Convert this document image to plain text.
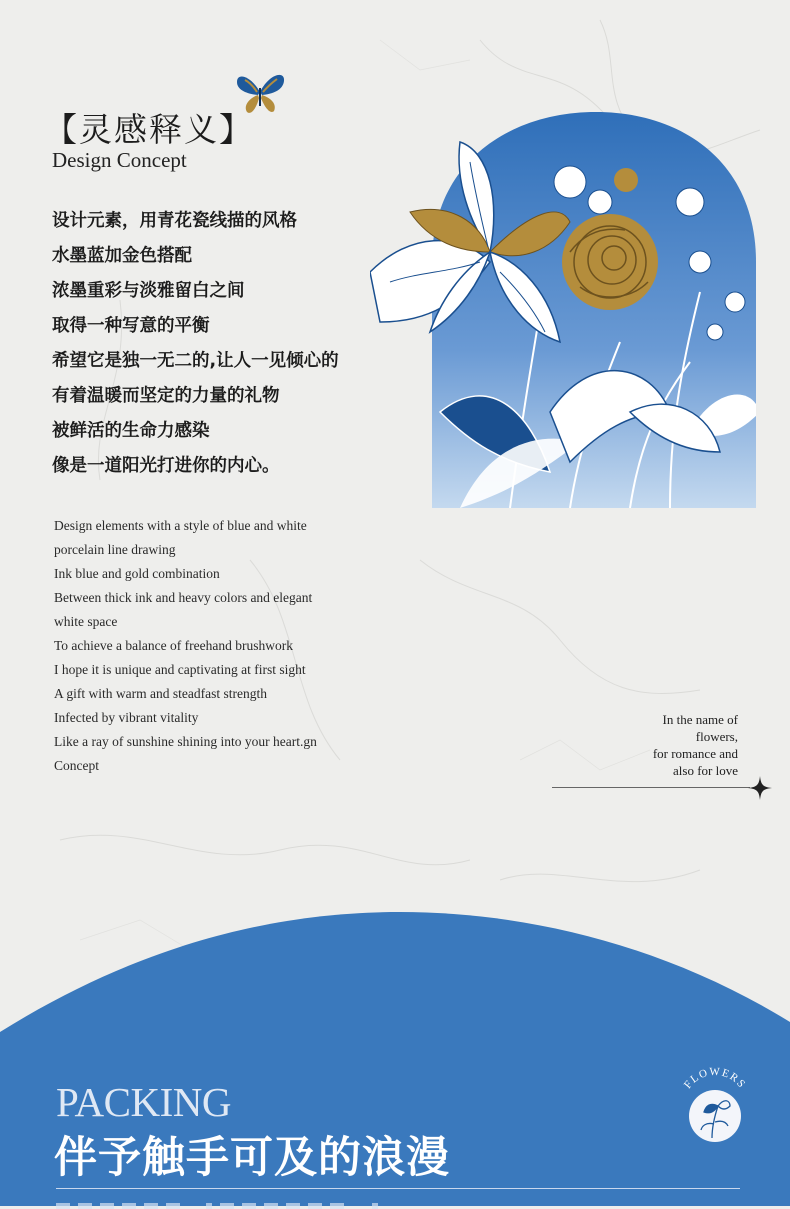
【灵感释义】
Design Concept
设计元素，用青花瓷线描的风格
水墨蓝加金色搭配
浓墨重彩与淡雅留白之间
取得一种写意的平衡
希望它是独一无二的,让人一见倾心的
有着温暖而坚定的力量的礼物
被鲜活的生命力感染
像是一道阳光打进你的内心。
Design elements with a style of blue and white
porcelain line drawing
Ink blue and gold combination
Between thick ink and heavy colors and elegant
white space
To achieve a balance of freehand brushwork
I hope it is unique and captivating at first sight
A gift with warm and steadfast strength
Infected by vibrant vitality
Like a ray of sunshine shining into your heart.gn
Concept
In the name of
flowers,
for romance and
also for love
PACKING
伴予触手可及的浪漫
FLOWERS
